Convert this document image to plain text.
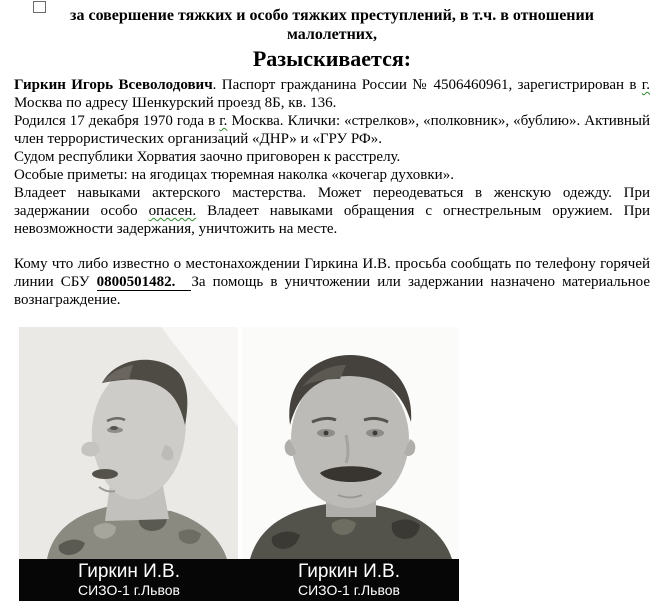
за совершение тяжких и особо тяжких преступлений, в т.ч. в отношении малолетних,
Разыскивается:

Гиркин Игорь Всеволодович. Паспорт гражданина России № 4506460961, зарегистрирован в г. Москва по адресу Шенкурский проезд 8Б, кв. 136.

Родился 17 декабря 1970 года в г. Москва. Клички: «стрелков», «полковник», «бублию». Активный член террористических организаций «ДНР» и «ГРУ РФ».

Судом республики Хорватия заочно приговорен к расстрелу.

Особые приметы: на ягодицах тюремная наколка «кочегар духовки».

Владеет навыками актерского мастерства. Может переодеваться в женскую одежду. При задержании особо опасен. Владеет навыками обращения с огнестрельным оружием. При невозможности задержания, уничтожить на месте.

Кому что либо известно о местонахождении Гиркина И.В. просьба сообщать по телефону горячей линии СБУ 0800501482. За помощь в уничтожении или задержании назначено материальное вознаграждение.

Гиркин И.В.
СИЗО-1 г.Львов
Гиркин И.В.
СИЗО-1 г.Львов
